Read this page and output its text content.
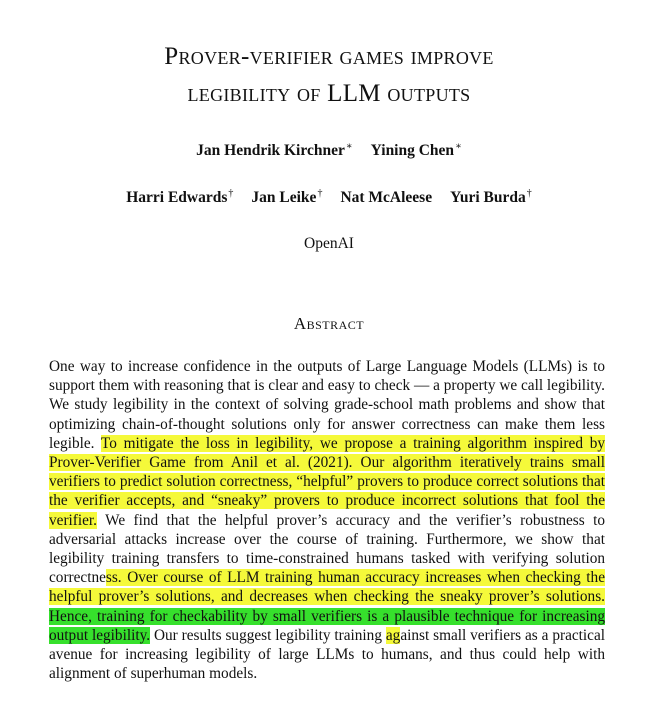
Prover-verifier games improve
legibility of LLM outputs
Jan Hendrik Kirchner∗ Yining Chen∗
Harri Edwards† Jan Leike† Nat McAleese Yuri Burda†
OpenAI
Abstract
One way to increase confidence in the outputs of Large Language Models (LLMs) is to support them with reasoning that is clear and easy to check — a property we call legibility. We study legibility in the context of solving grade-school math problems and show that optimizing chain-of-thought solutions only for answer correctness can make them less legible. To mitigate the loss in legibility, we propose a training algorithm inspired by Prover-Verifier Game from Anil et al. (2021). Our algorithm iteratively trains small verifiers to predict solution correctness, “helpful” provers to produce correct solutions that the verifier accepts, and “sneaky” provers to produce incorrect solutions that fool the verifier. We find that the helpful prover’s accuracy and the verifier’s robustness to adversarial attacks increase over the course of training. Furthermore, we show that legibility training transfers to time-constrained humans tasked with verifying solution correctness. Over course of LLM training human accuracy increases when checking the helpful prover’s solutions, and decreases when checking the sneaky prover’s solutions. Hence, training for checkability by small verifiers is a plausible technique for increasing output legibility. Our results suggest legibility training against small verifiers as a practical avenue for increasing legibility of large LLMs to humans, and thus could help with alignment of superhuman models.
